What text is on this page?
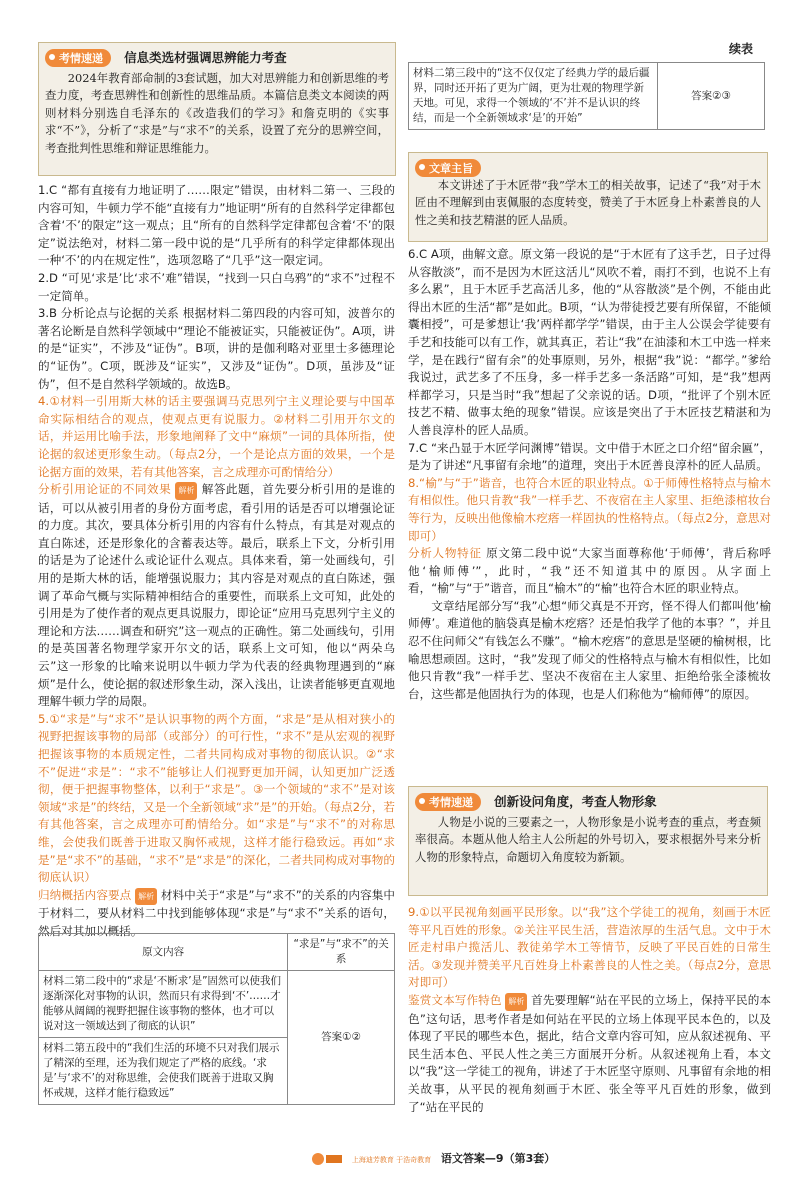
考情速递 信息类选材强调思辨能力考查

2024年教育部命制的3套试题，加大对思辨能力和创新思维的考查力度，考查思辨性和创新性的思维品质。本篇信息类文本阅读的两则材料分别选自毛泽东的《改造我们的学习》和詹克明的《实事求“不”》，分析了“求是”与“求不”的关系，设置了充分的思辨空间，考查批判性思维和辩证思维能力。

1.C “都有直接有力地证明了……限定”错误，由材料二第一、三段的内容可知，牛顿力学不能“直接有力”地证明“所有的自然科学定律都包含着‘不’的限定”这一观点；且“所有的自然科学定律都包含着‘不’的限定”说法绝对，材料二第一段中说的是“几乎所有的科学定律都体现出一种‘不’的内在规定性”，选项忽略了“几乎”这一限定词。

2.D “可见‘求是’比‘求不’难”错误，“找到一只白乌鸦”的“求不”过程不一定简单。

3.B 分析论点与论据的关系 根据材料二第四段的内容可知，波普尔的著名论断是自然科学领域中“理论不能被证实，只能被证伪”。A项，讲的是“证实”，不涉及“证伪”。B项，讲的是伽利略对亚里士多德理论的“证伪”。C项，既涉及“证实”，又涉及“证伪”。D项，虽涉及“证伪”，但不是自然科学领域的。故选B。

4.①材料一引用斯大林的话主要强调马克思列宁主义理论要与中国革命实际相结合的观点，使观点更有说服力。②材料二引用开尔文的话，并运用比喻手法，形象地阐释了文中“麻烦”一词的具体所指，使论据的叙述更形象生动。（每点2分，一个是论点方面的效果，一个是论据方面的效果，若有其他答案，言之成理亦可酌情给分）

分析引用论证的不同效果 解析 解答此题，首先要分析引用的是谁的话，可以从被引用者的身份方面考虑，看引用的话是否可以增强论证的力度。其次，要具体分析引用的内容有什么特点，有其是对观点的直白陈述，还是形象化的含蓄表达等。最后，联系上下文，分析引用的话是为了论述什么或论证什么观点。具体来看，第一处画线句，引用的是斯大林的话，能增强说服力；其内容是对观点的直白陈述，强调了革命气概与实际精神相结合的重要性，而联系上文可知，此处的引用是为了使作者的观点更具说服力，即论证“应用马克思列宁主义的理论和方法……调查和研究”这一观点的正确性。第二处画线句，引用的是英国著名物理学家开尔文的话，联系上文可知，他以“两朵乌云”这一形象的比喻来说明以牛顿力学为代表的经典物理遇到的“麻烦”是什么，使论据的叙述形象生动，深入浅出，让读者能够更直观地理解牛顿力学的局限。

5.①“求是”与“求不”是认识事物的两个方面，“求是”是从相对狭小的视野把握该事物的局部（或部分）的可行性，“求不”是从宏观的视野把握该事物的本质规定性，二者共同构成对事物的彻底认识。②“求不”促进“求是”：“求不”能够让人们视野更加开阔，认知更加广泛透彻，便于把握事物整体，以利于“求是”。③一个领域的“求不”是对该领域“求是”的终结，又是一个全新领域“求”是”的开始。（每点2分，若有其他答案，言之成理亦可酌情给分。如“求是”与“求不”的对称思维，会使我们既善于进取又胸怀戒规，这样才能行稳致远。再如“求是”是“求不”的基础，“求不”是“求是”的深化，二者共同构成对事物的彻底认识）

归纳概括内容要点 解析 材料中关于“求是”与“求不”的关系的内容集中于材料二，要从材料二中找到能够体现“求是”与“求不”关系的语句，然后对其加以概括。

原文内容	“求是”与“求不”的关系
材料二第二段中的“求是‘不断求’是”固然可以使我们逐渐深化对事物的认识，然而只有求得到‘不’……才能够从阔阔的视野把握住该事物的整体，也才可以说对这一领域达到了彻底的认识”	答案①②
材料二第五段中的“我们生活的环境不只对我们展示了精深的至理，还为我们规定了严格的底线。‘求是’与‘求不’的对称思维，会使我们既善于进取又胸怀戒规，这样才能行稳致远”	
续表
材料二第三段中的“这不仅仅定了经典力学的最后疆界，同时还开拓了更为广阔，更为壮观的物理学新天地。可见，求得一个领域的‘不’并不是认识的终结，而是一个全新领域求‘是’的开始”	答案②③
文章主旨

本文讲述了于木匠带“我”学木工的相关故事，记述了“我”对于木匠由不理解到由衷佩服的态度转变，赞美了于木匠身上朴素善良的人性之美和技艺精湛的匠人品质。

6.C A项，曲解文意。原文第一段说的是“于木匠有了这手艺，日子过得从容散淡”，而不是因为木匠这活儿“风吹不着，雨打不到，也说不上有多么累”，且于木匠手艺高活儿多，他的“从容散淡”是个例，不能由此得出木匠的生活“都”是如此。B项，“认为带徒授艺要有所保留，不能倾囊相授”，可是爹想让‘我’两样都学学”错误，由于主人公误会学徒要有手艺和技能可以有工作，就其真正，若让“我”在油漆和木工中选一样来学，是在践行“留有余”的处事原则，另外，根据“我”说：“都学。”爹给我说过，武艺多了不压身，多一样手艺多一条活路”可知，是“我”想两样都学习，只是当时“我”想起了父亲说的话。D项，“批评了个别木匠技艺不精、做事太绝的现象”错误。应该是突出了于木匠技艺精湛和为人善良淳朴的匠人品质。

7.C “来凸显于木匠学问渊博”错误。文中借于木匠之口介绍“留余匾”，是为了讲述“凡事留有余地”的道理，突出于木匠善良淳朴的匠人品质。

8.“榆”与“于”谐音，也符合木匠的职业特点。①于师傅性格特点与榆木有相似性。他只肯教“我”一样手艺、不夜宿在主人家里、拒绝漆棺妆台等行为，反映出他像榆木疙瘩一样固执的性格特点。（每点2分，意思对即可）

分析人物特征 原文第二段中说“大家当面尊称他‘于师傅’，背后称呼他‘榆师傅’”，此时，“我”还不知道其中的原因。从字面上看，“榆”与“于”谐音，而且“榆木”的“榆”也符合木匠的职业特点。

文章结尾部分写“我”心想“师父真是不开窍，怪不得人们都叫他‘榆师傅’。难道他的脑袋真是榆木疙瘩？还是怕我学了他的本事？”，并且忍不住问师父“有钱怎么不赚”。“榆木疙瘩”的意思是坚硬的榆树根，比喻思想顽固。这时，“我”发现了师父的性格特点与榆木有相似性，比如他只肯教“我”一样手艺、坚决不夜宿在主人家里、拒绝给张全漆梳妆台，这些都是他固执行为的体现，也是人们称他为“榆师傅”的原因。

考情速递 创新设问角度，考查人物形象

人物是小说的三要素之一，人物形象是小说考查的重点，考查频率很高。本题从他人给主人公所起的外号切入，要求根据外号来分析人物的形象特点，命题切入角度较为新颖。

9.①以平民视角刻画平民形象。以“我”这个学徒工的视角，刻画于木匠等平凡百姓的形象。②关注平民生活，营造浓厚的生活气息。文中于木匠走村串户揽活儿、教徒弟学木工等情节，反映了平民百姓的日常生活。③发现并赞美平凡百姓身上朴素善良的人性之美。（每点2分，意思对即可）

鉴赏文本写作特色 解析 首先要理解“站在平民的立场上，保持平民的本色”这句话，思考作者是如何站在平民的立场上体现平民本色的，以及体现了平民的哪些本色，据此，结合文章内容可知，应从叙述视角、平民生活本色、平民人性之美三方面展开分析。从叙述视角上看，本文以“我”这一学徒工的视角，讲述了于木匠坚守原则、凡事留有余地的相关故事，从平民的视角刻画于木匠、张全等平凡百姓的形象，做到了“站在平民的

上海迪芳教育 于浩奇教育 语文答案—9（第3套）
